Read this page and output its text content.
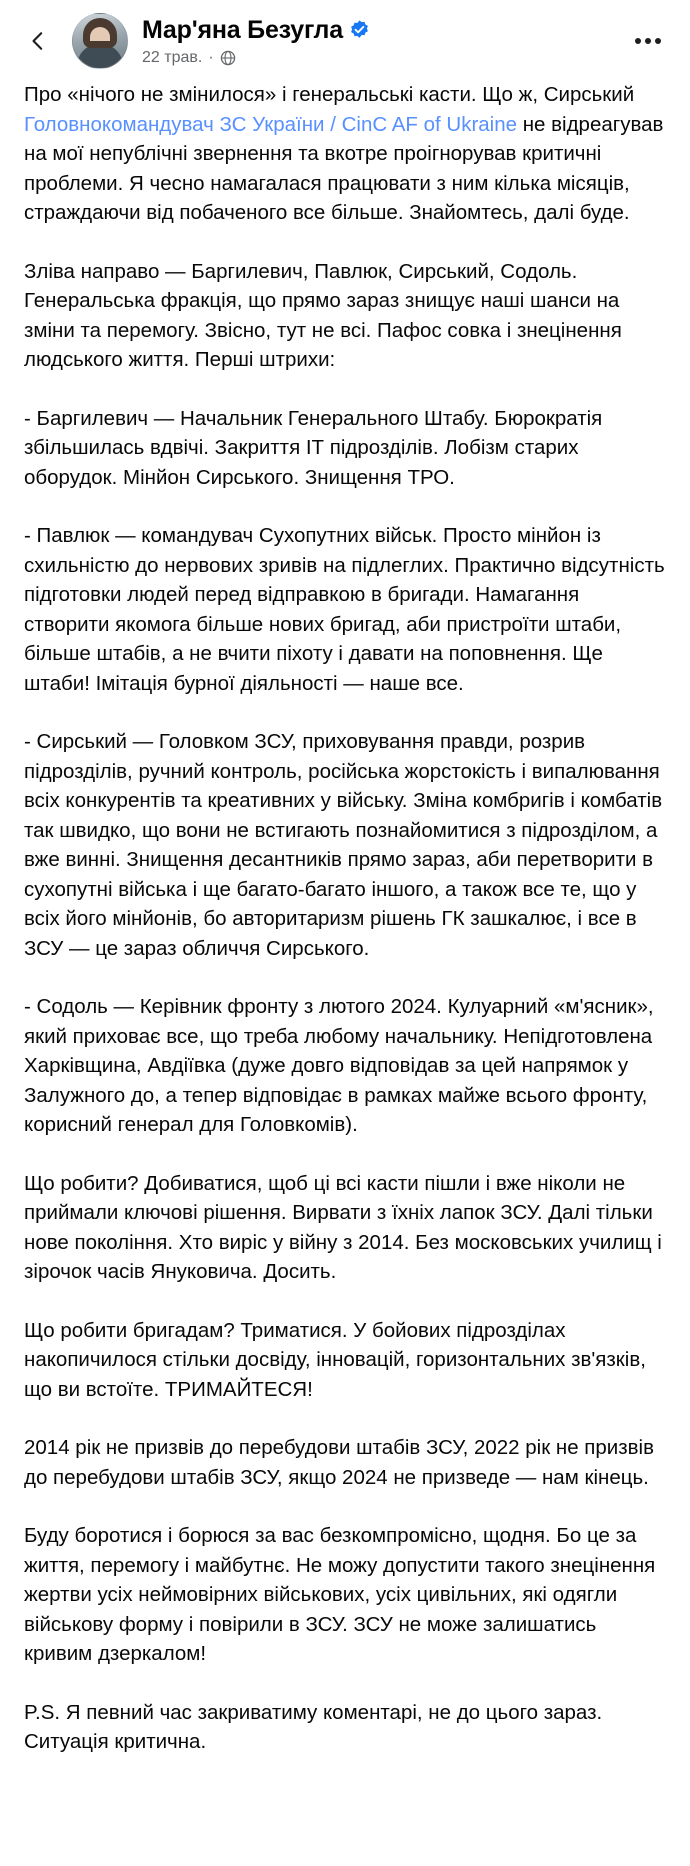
Мар'яна Безугла
22 трав. ·

Про «нічого не змінилося» і генеральські касти. Що ж, Сирський Головнокомандувач ЗС України / CinC AF of Ukraine не відреагував на мої непублічні звернення та вкотре проігнорував критичні проблеми. Я чесно намагалася працювати з ним кілька місяців, страждаючи від побаченого все більше. Знайомтесь, далі буде.

Зліва направо — Баргилевич, Павлюк, Сирський, Содоль. Генеральська фракція, що прямо зараз знищує наші шанси на зміни та перемогу. Звісно, тут не всі. Пафос совка і знецінення людського життя. Перші штрихи:

- Баргилевич — Начальник Генерального Штабу. Бюрократія збільшилась вдвічі. Закриття ІТ підрозділів. Лобізм старих оборудок. Мінйон Сирського. Знищення ТРО.

- Павлюк — командувач Сухопутних військ. Просто мінйон із схильністю до нервових зривів на підлеглих. Практично відсутність підготовки людей перед відправкою в бригади. Намагання створити якомога більше нових бригад, аби пристроїти штаби, більше штабів, а не вчити піхоту і давати на поповнення. Ще штаби! Імітація бурної діяльності — наше все.

- Сирський — Головком ЗСУ, приховування правди, розрив підрозділів, ручний контроль, російська жорстокість і випалювання всіх конкурентів та креативних у війську. Зміна комбригів і комбатів так швидко, що вони не встигають познайомитися з підрозділом, а вже винні. Знищення десантників прямо зараз, аби перетворити в сухопутні війська і ще багато-багато іншого, а також все те, що у всіх його мінйонів, бо авторитаризм рішень ГК зашкалює, і все в ЗСУ — це зараз обличчя Сирського.

- Содоль — Керівник фронту з лютого 2024. Кулуарний «м'ясник», який приховає все, що треба любому начальнику. Непідготовлена Харківщина, Авдіївка (дуже довго відповідав за цей напрямок у Залужного до, а тепер відповідає в рамках майже всього фронту, корисний генерал для Головкомів).

Що робити? Добиватися, щоб ці всі касти пішли і вже ніколи не приймали ключові рішення. Вирвати з їхніх лапок ЗСУ. Далі тільки нове покоління. Хто виріс у війну з 2014. Без московських училищ і зірочок часів Януковича. Досить.

Що робити бригадам? Триматися. У бойових підрозділах накопичилося стільки досвіду, інновацій, горизонтальних зв'язків, що ви встоїте. ТРИМАЙТЕСЯ!

2014 рік не призвів до перебудови штабів ЗСУ, 2022 рік не призвів до перебудови штабів ЗСУ, якщо 2024 не призведе — нам кінець.

Буду боротися і борюся за вас безкомпромісно, щодня. Бо це за життя, перемогу і майбутнє. Не можу допустити такого знецінення жертви усіх неймовірних військових, усіх цивільних, які одягли військову форму і повірили в ЗСУ. ЗСУ не може залишатись кривим дзеркалом!

P.S. Я певний час закриватиму коментарі, не до цього зараз. Ситуація критична.
